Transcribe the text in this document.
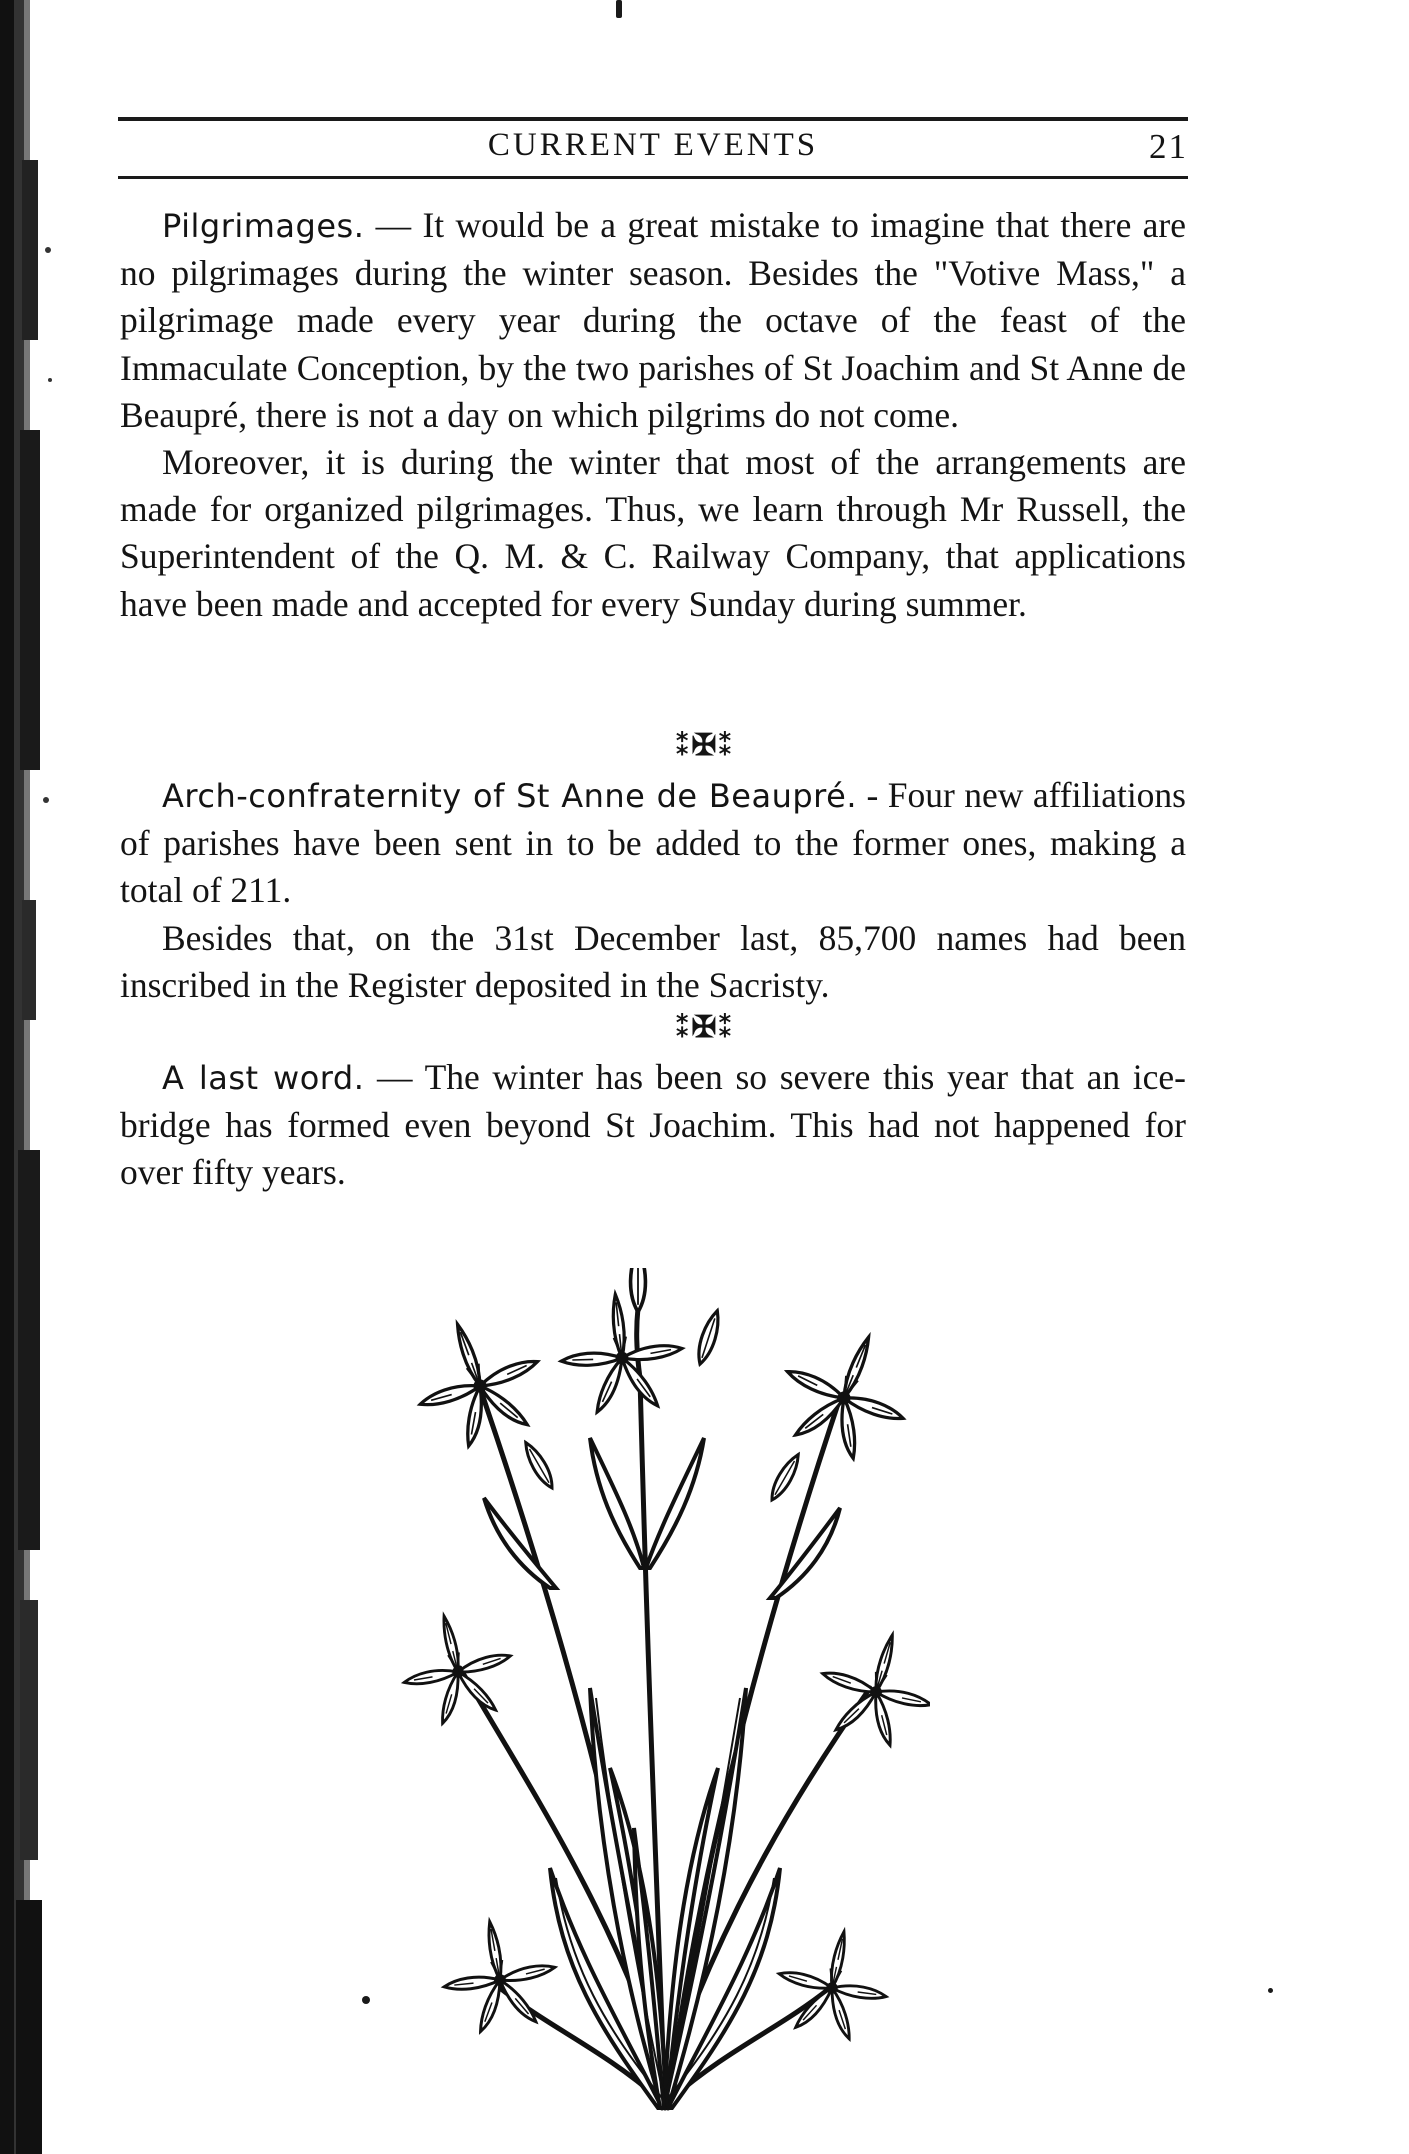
CURRENT EVENTS	21

Pilgrimages. — It would be a great mistake to imagine that there are no pilgrimages during the winter season. Besides the "Votive Mass," a pilgrimage made every year during the octave of the feast of the Immaculate Conception, by the two parishes of St Joachim and St Anne de Beaupré, there is not a day on which pilgrims do not come.

Moreover, it is during the winter that most of the arrangements are made for organized pilgrimages. Thus, we learn through Mr Russell, the Superintendent of the Q. M. & C. Railway Company, that applications have been made and accepted for every Sunday during summer.

⁑✠⁑

Arch-confraternity of St Anne de Beaupré. - Four new affiliations of parishes have been sent in to be added to the former ones, making a total of 211.

Besides that, on the 31st December last, 85,700 names had been inscribed in the Register deposited in the Sacristy.

⁑✠⁑

A last word. — The winter has been so severe this year that an ice-bridge has formed even beyond St Joachim. This had not happened for over fifty years.
